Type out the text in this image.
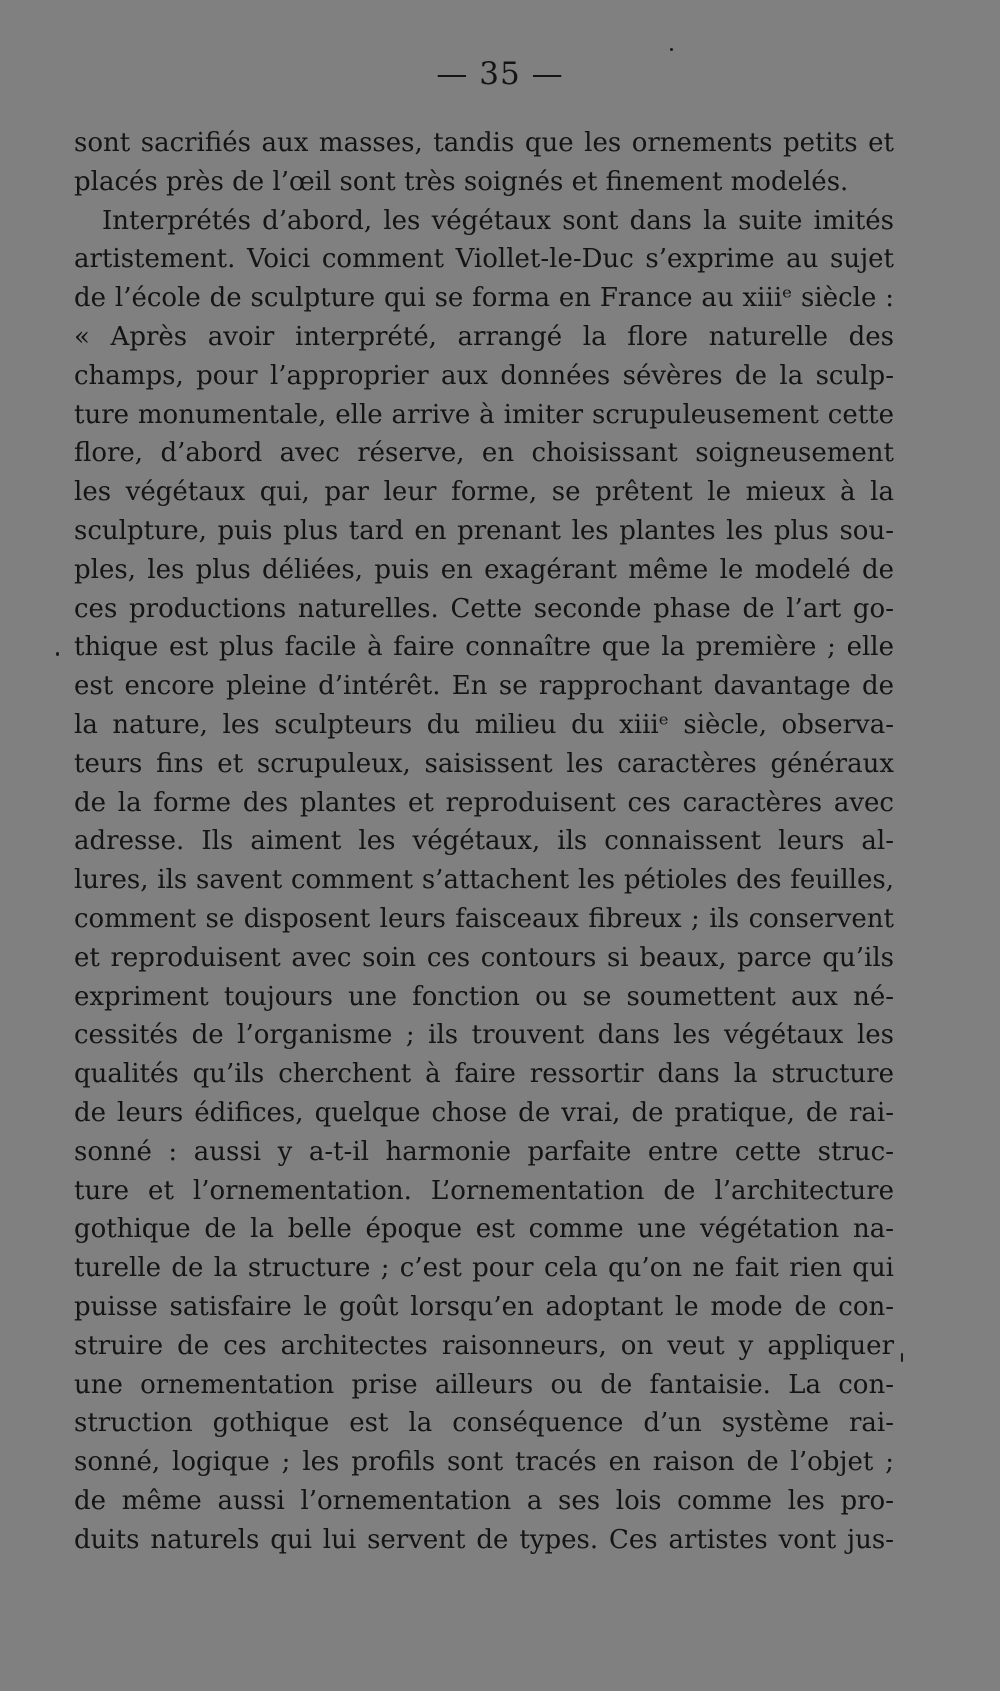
— 35 —
sont sacrifiés aux masses, tandis que les ornements petits et
placés près de l’œil sont très soignés et finement modelés.
Interprétés d’abord, les végétaux sont dans la suite imités
artistement. Voici comment Viollet-le-Duc s’exprime au sujet
de l’école de sculpture qui se forma en France au xiiiᵉ siècle :
« Après avoir interprété, arrangé la flore naturelle des
champs, pour l’approprier aux données sévères de la sculp-
ture monumentale, elle arrive à imiter scrupuleusement cette
flore, d’abord avec réserve, en choisissant soigneusement
les végétaux qui, par leur forme, se prêtent le mieux à la
sculpture, puis plus tard en prenant les plantes les plus sou-
ples, les plus déliées, puis en exagérant même le modelé de
ces productions naturelles. Cette seconde phase de l’art go-
thique est plus facile à faire connaître que la première ; elle
est encore pleine d’intérêt. En se rapprochant davantage de
la nature, les sculpteurs du milieu du xiiiᵉ siècle, observa-
teurs fins et scrupuleux, saisissent les caractères généraux
de la forme des plantes et reproduisent ces caractères avec
adresse. Ils aiment les végétaux, ils connaissent leurs al-
lures, ils savent comment s’attachent les pétioles des feuilles,
comment se disposent leurs faisceaux fibreux ; ils conservent
et reproduisent avec soin ces contours si beaux, parce qu’ils
expriment toujours une fonction ou se soumettent aux né-
cessités de l’organisme ; ils trouvent dans les végétaux les
qualités qu’ils cherchent à faire ressortir dans la structure
de leurs édifices, quelque chose de vrai, de pratique, de rai-
sonné : aussi y a-t-il harmonie parfaite entre cette struc-
ture et l’ornementation. L’ornementation de l’architecture
gothique de la belle époque est comme une végétation na-
turelle de la structure ; c’est pour cela qu’on ne fait rien qui
puisse satisfaire le goût lorsqu’en adoptant le mode de con-
struire de ces architectes raisonneurs, on veut y appliquer
une ornementation prise ailleurs ou de fantaisie. La con-
struction gothique est la conséquence d’un système rai-
sonné, logique ; les profils sont tracés en raison de l’objet ;
de même aussi l’ornementation a ses lois comme les pro-
duits naturels qui lui servent de types. Ces artistes vont jus-
